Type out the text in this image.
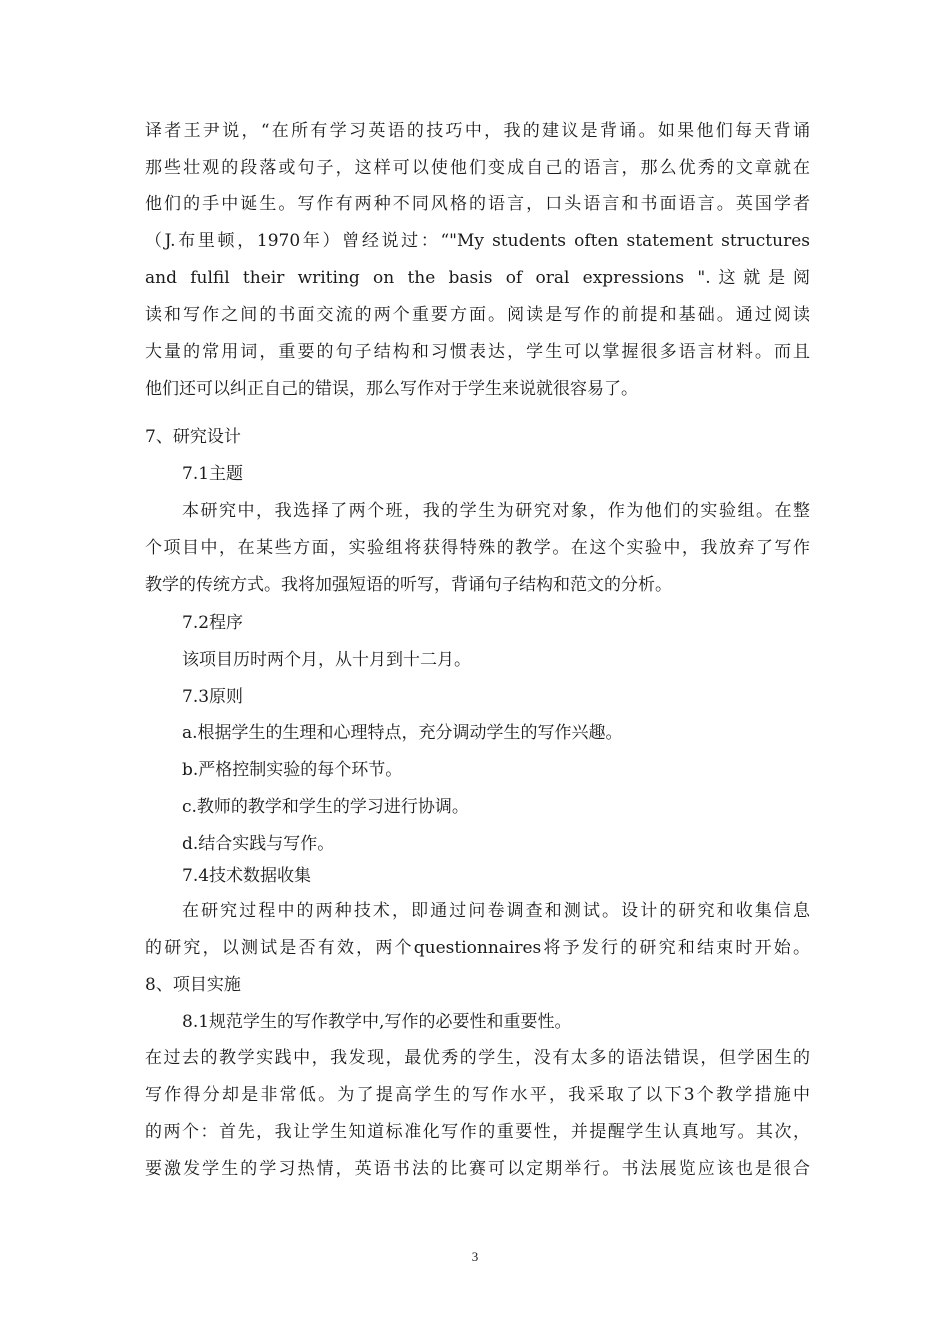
译者王尹说，“在所有学习英语的技巧中，我的建议是背诵。如果他们每天背诵
那些壮观的段落或句子，这样可以使他们变成自己的语言，那么优秀的文章就在
他们的手中诞生。写作有两种不同风格的语言，口头语言和书面语言。英国学者
（J.布里顿，1970年）曾经说过：“"My students often statement structures
and fulfil their writing on the basis of oral expressions ".这就是阅
读和写作之间的书面交流的两个重要方面。阅读是写作的前提和基础。通过阅读
大量的常用词，重要的句子结构和习惯表达，学生可以掌握很多语言材料。而且
他们还可以纠正自己的错误，那么写作对于学生来说就很容易了。
7、研究设计
7.1主题
本研究中，我选择了两个班，我的学生为研究对象，作为他们的实验组。在整
个项目中，在某些方面，实验组将获得特殊的教学。在这个实验中，我放弃了写作
教学的传统方式。我将加强短语的听写，背诵句子结构和范文的分析。
7.2程序
该项目历时两个月，从十月到十二月。
7.3原则
a.根据学生的生理和心理特点，充分调动学生的写作兴趣。
b.严格控制实验的每个环节。
c.教师的教学和学生的学习进行协调。
d.结合实践与写作。
7.4技术数据收集
在研究过程中的两种技术，即通过问卷调查和测试。设计的研究和收集信息
的研究，以测试是否有效，两个questionnaires将予发行的研究和结束时开始。
8、项目实施
8.1规范学生的写作教学中,写作的必要性和重要性。
在过去的教学实践中，我发现，最优秀的学生，没有太多的语法错误，但学困生的
写作得分却是非常低。为了提高学生的写作水平，我采取了以下3个教学措施中
的两个：首先，我让学生知道标准化写作的重要性，并提醒学生认真地写。其次，
要激发学生的学习热情，英语书法的比赛可以定期举行。书法展览应该也是很合
3
